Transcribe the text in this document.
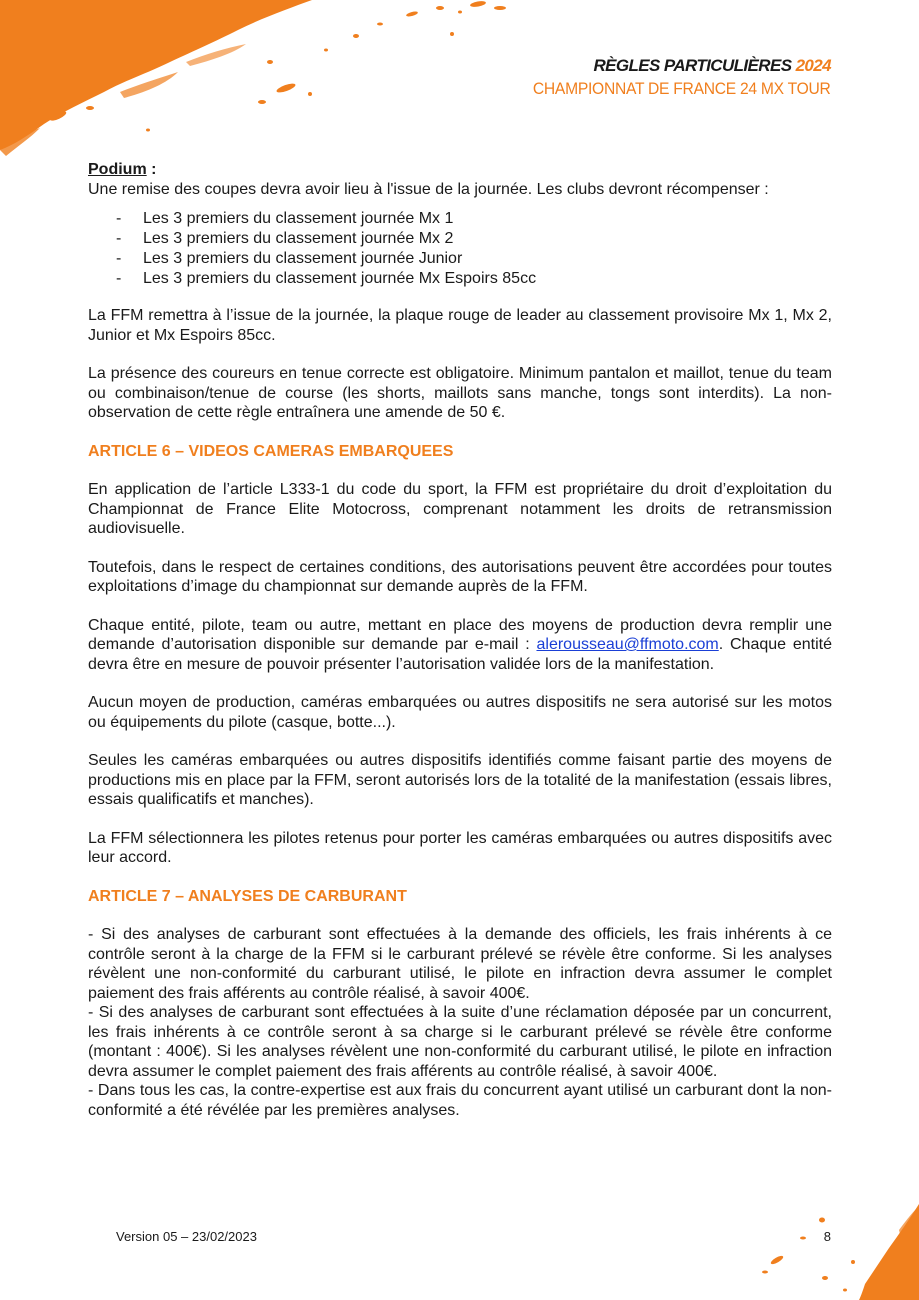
RÈGLES PARTICULIÈRES 2024
CHAMPIONNAT DE FRANCE 24 MX TOUR

Podium :

Une remise des coupes devra avoir lieu à l'issue de la journée. Les clubs devront récompenser :

- Les 3 premiers du classement journée Mx 1
- Les 3 premiers du classement journée Mx 2
- Les 3 premiers du classement journée Junior
- Les 3 premiers du classement journée Mx Espoirs 85cc

La FFM remettra à l’issue de la journée, la plaque rouge de leader au classement provisoire Mx 1, Mx 2, Junior et Mx Espoirs 85cc.

La présence des coureurs en tenue correcte est obligatoire. Minimum pantalon et maillot, tenue du team ou combinaison/tenue de course (les shorts, maillots sans manche, tongs sont interdits). La non-observation de cette règle entraînera une amende de 50 €.

ARTICLE 6 – VIDEOS CAMERAS EMBARQUEES

En application de l’article L333-1 du code du sport, la FFM est propriétaire du droit d’exploitation du Championnat de France Elite Motocross, comprenant notamment les droits de retransmission audiovisuelle.

Toutefois, dans le respect de certaines conditions, des autorisations peuvent être accordées pour toutes exploitations d’image du championnat sur demande auprès de la FFM.

Chaque entité, pilote, team ou autre, mettant en place des moyens de production devra remplir une demande d’autorisation disponible sur demande par e-mail : alerousseau@ffmoto.com. Chaque entité devra être en mesure de pouvoir présenter l’autorisation validée lors de la manifestation.

Aucun moyen de production, caméras embarquées ou autres dispositifs ne sera autorisé sur les motos ou équipements du pilote (casque, botte...).

Seules les caméras embarquées ou autres dispositifs identifiés comme faisant partie des moyens de productions mis en place par la FFM, seront autorisés lors de la totalité de la manifestation (essais libres, essais qualificatifs et manches).

La FFM sélectionnera les pilotes retenus pour porter les caméras embarquées ou autres dispositifs avec leur accord.

ARTICLE 7 – ANALYSES DE CARBURANT

- Si des analyses de carburant sont effectuées à la demande des officiels, les frais inhérents à ce contrôle seront à la charge de la FFM si le carburant prélevé se révèle être conforme. Si les analyses révèlent une non-conformité du carburant utilisé, le pilote en infraction devra assumer le complet paiement des frais afférents au contrôle réalisé, à savoir 400€.

- Si des analyses de carburant sont effectuées à la suite d’une réclamation déposée par un concurrent, les frais inhérents à ce contrôle seront à sa charge si le carburant prélevé se révèle être conforme (montant : 400€). Si les analyses révèlent une non-conformité du carburant utilisé, le pilote en infraction devra assumer le complet paiement des frais afférents au contrôle réalisé, à savoir 400€.

- Dans tous les cas, la contre-expertise est aux frais du concurrent ayant utilisé un carburant dont la non-conformité a été révélée par les premières analyses.

Version 05 – 23/02/2023	8
